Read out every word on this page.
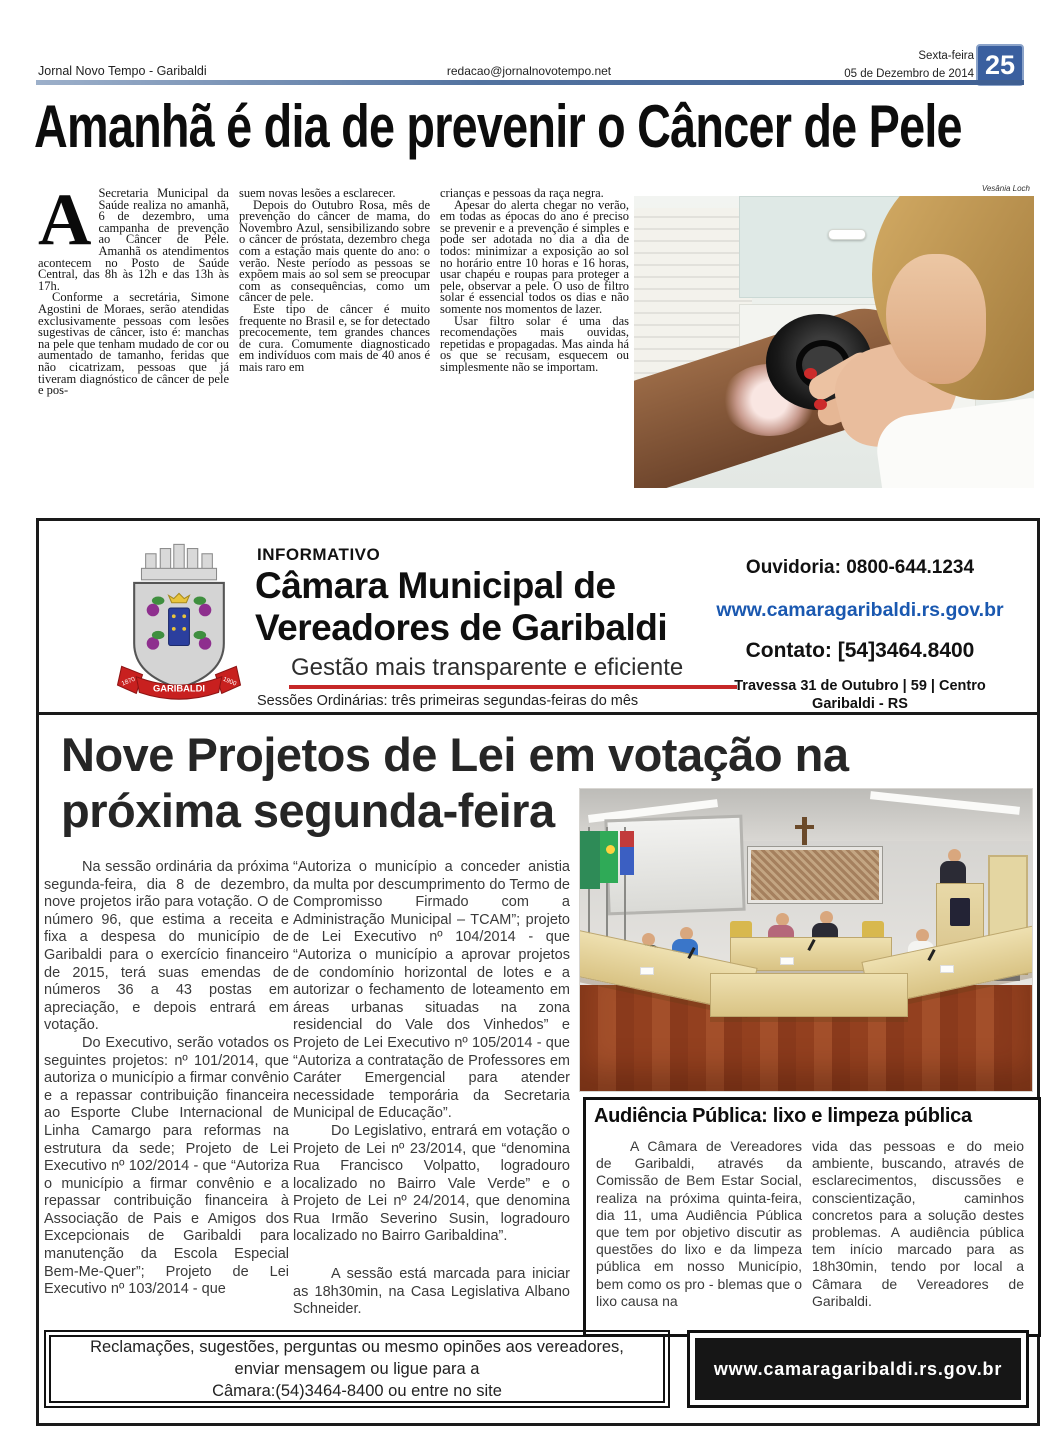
Jornal Novo Tempo - Garibaldi	redacao@jornalnovotempo.net
Sexta-feira
05 de Dezembro de 2014 25
Amanhã é dia de prevenir o Câncer de Pele
Vesânia Loch

A Secretaria Municipal da Saúde realiza no amanhã, 6 de dezembro, uma campanha de prevenção ao Câncer de Pele. Amanhã os atendimentos acontecem no Posto de Saúde Central, das 8h às 12h e das 13h às 17h.

Conforme a secretária, Simone Agostini de Moraes, serão atendidas exclusivamente pessoas com lesões sugestivas de câncer, isto é: manchas na pele que tenham mudado de cor ou aumentado de tamanho, feridas que não cicatrizam, pessoas que já tiveram diagnóstico de câncer de pele e pos-

suem novas lesões a esclarecer.

Depois do Outubro Rosa, mês de prevenção do câncer de mama, do Novembro Azul, sensibilizando sobre o câncer de próstata, dezembro chega com a estação mais quente do ano: o verão. Neste período as pessoas se expõem mais ao sol sem se preocupar com as consequências, como um câncer de pele.

Este tipo de câncer é muito frequente no Brasil e, se for detectado precocemente, tem grandes chances de cura. Comumente diagnosticado em indivíduos com mais de 40 anos é mais raro em

crianças e pessoas da raça negra.

Apesar do alerta chegar no verão, em todas as épocas do ano é preciso se prevenir e a prevenção é simples e pode ser adotada no dia a dia de todos: minimizar a exposição ao sol no horário entre 10 horas e 16 horas, usar chapéu e roupas para proteger a pele, observar a pele. O uso de filtro solar é essencial todos os dias e não somente nos momentos de lazer.

Usar filtro solar é uma das recomendações mais ouvidas, repetidas e propagadas. Mas ainda há os que se recusam, esquecem ou simplesmente não se importam.

GARIBALDI
1870	1900
INFORMATIVO
Câmara Municipal de
Vereadores de Garibaldi
Gestão mais transparente e eficiente
Sessões Ordinárias: três primeiras segundas-feiras do mês
Ouvidoria: 0800-644.1234
www.camaragaribaldi.rs.gov.br
Contato: [54]3464.8400
Travessa 31 de Outubro | 59 | Centro
Garibaldi - RS
Nove Projetos de Lei em votação na próxima segunda-feira

Na sessão ordinária da próxima segunda-feira, dia 8 de dezembro, nove projetos irão para votação. O de número 96, que estima a receita e fixa a despesa do município de Garibaldi para o exercício financeiro de 2015, terá suas emendas de números 36 a 43 postas em apreciação, e depois entrará em votação.

Do Executivo, serão votados os seguintes projetos: nº 101/2014, que autoriza o município a firmar convênio e a repassar contribuição financeira ao Esporte Clube Internacional de Linha Camargo para reformas na estrutura da sede; Projeto de Lei Executivo nº 102/2014 - que “Autoriza o município a firmar convênio e a repassar contribuição financeira à Associação de Pais e Amigos dos Excepcionais de Garibaldi para manutenção da Escola Especial Bem-Me-Quer”; Projeto de Lei Executivo nº 103/2014 - que

“Autoriza o município a conceder anistia da multa por descumprimento do Termo de Compromisso Firmado com a Administração Municipal – TCAM”; projeto de Lei Executivo nº 104/2014 - que “Autoriza o município a aprovar projetos de condomínio horizontal de lotes e a autorizar o fechamento de loteamento em áreas urbanas situadas na zona residencial do Vale dos Vinhedos” e Projeto de Lei Executivo nº 105/2014 - que “Autoriza a contratação de Professores em Caráter Emergencial para atender necessidade temporária da Secretaria Municipal de Educação”.

Do Legislativo, entrará em votação o Projeto de Lei nº 23/2014, que “denomina Rua Francisco Volpatto, logradouro localizado no Bairro Vale Verde” e o Projeto de Lei nº 24/2014, que denomina Rua Irmão Severino Susin, logradouro localizado no Bairro Garibaldina”.

A sessão está marcada para iniciar as 18h30min, na Casa Legislativa Albano Schneider.

Audiência Pública: lixo e limpeza pública

A Câmara de Vereadores de Garibaldi, através da Comissão de Bem Estar Social, realiza na próxima quinta-feira, dia 11, uma Audiência Pública que tem por objetivo discutir as questões do lixo e da limpeza pública em nosso Município, bem como os pro - blemas que o lixo causa na

vida das pessoas e do meio ambiente, buscando, através de esclarecimentos, discussões e conscientização, caminhos concretos para a solução destes problemas. A audiência pública tem início marcado para as 18h30min, tendo por local a Câmara de Vereadores de Garibaldi.

Reclamações, sugestões, perguntas ou mesmo opinões aos vereadores,
enviar mensagem ou ligue para a
Câmara:(54)3464-8400 ou entre no site
www.camaragaribaldi.rs.gov.br
